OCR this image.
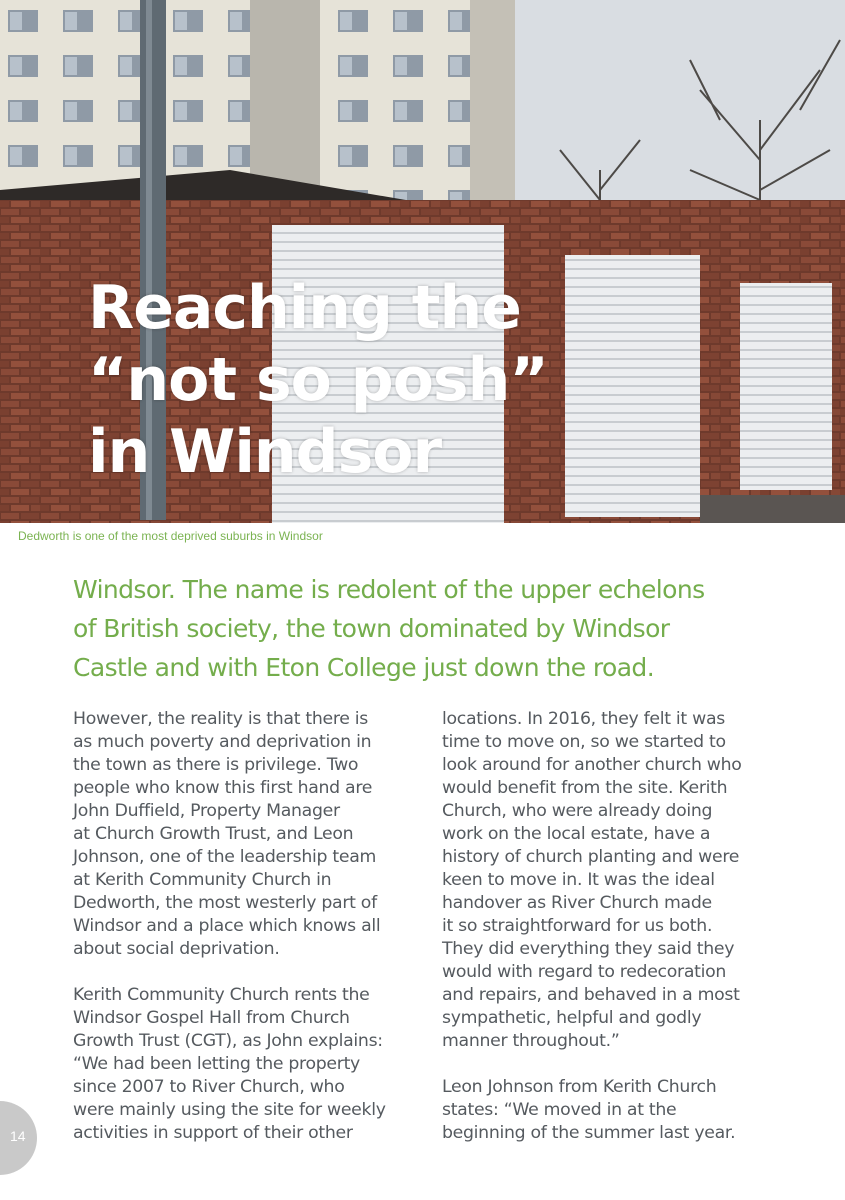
Reaching the
“not so posh”
in Windsor

Dedworth is one of the most deprived suburbs in Windsor

Windsor. The name is redolent of the upper echelons
of British society, the town dominated by Windsor
Castle and with Eton College just down the road.

However, the reality is that there is
as much poverty and deprivation in
the town as there is privilege. Two
people who know this first hand are
John Duffield, Property Manager
at Church Growth Trust, and Leon
Johnson, one of the leadership team
at Kerith Community Church in
Dedworth, the most westerly part of
Windsor and a place which knows all
about social deprivation.
Kerith Community Church rents the
Windsor Gospel Hall from Church
Growth Trust (CGT), as John explains:
“We had been letting the property
since 2007 to River Church, who
were mainly using the site for weekly
activities in support of their other
locations. In 2016, they felt it was
time to move on, so we started to
look around for another church who
would benefit from the site. Kerith
Church, who were already doing
work on the local estate, have a
history of church planting and were
keen to move in. It was the ideal
handover as River Church made
it so straightforward for us both.
They did everything they said they
would with regard to redecoration
and repairs, and behaved in a most
sympathetic, helpful and godly
manner throughout.”
Leon Johnson from Kerith Church
states: “We moved in at the
beginning of the summer last year.

14
